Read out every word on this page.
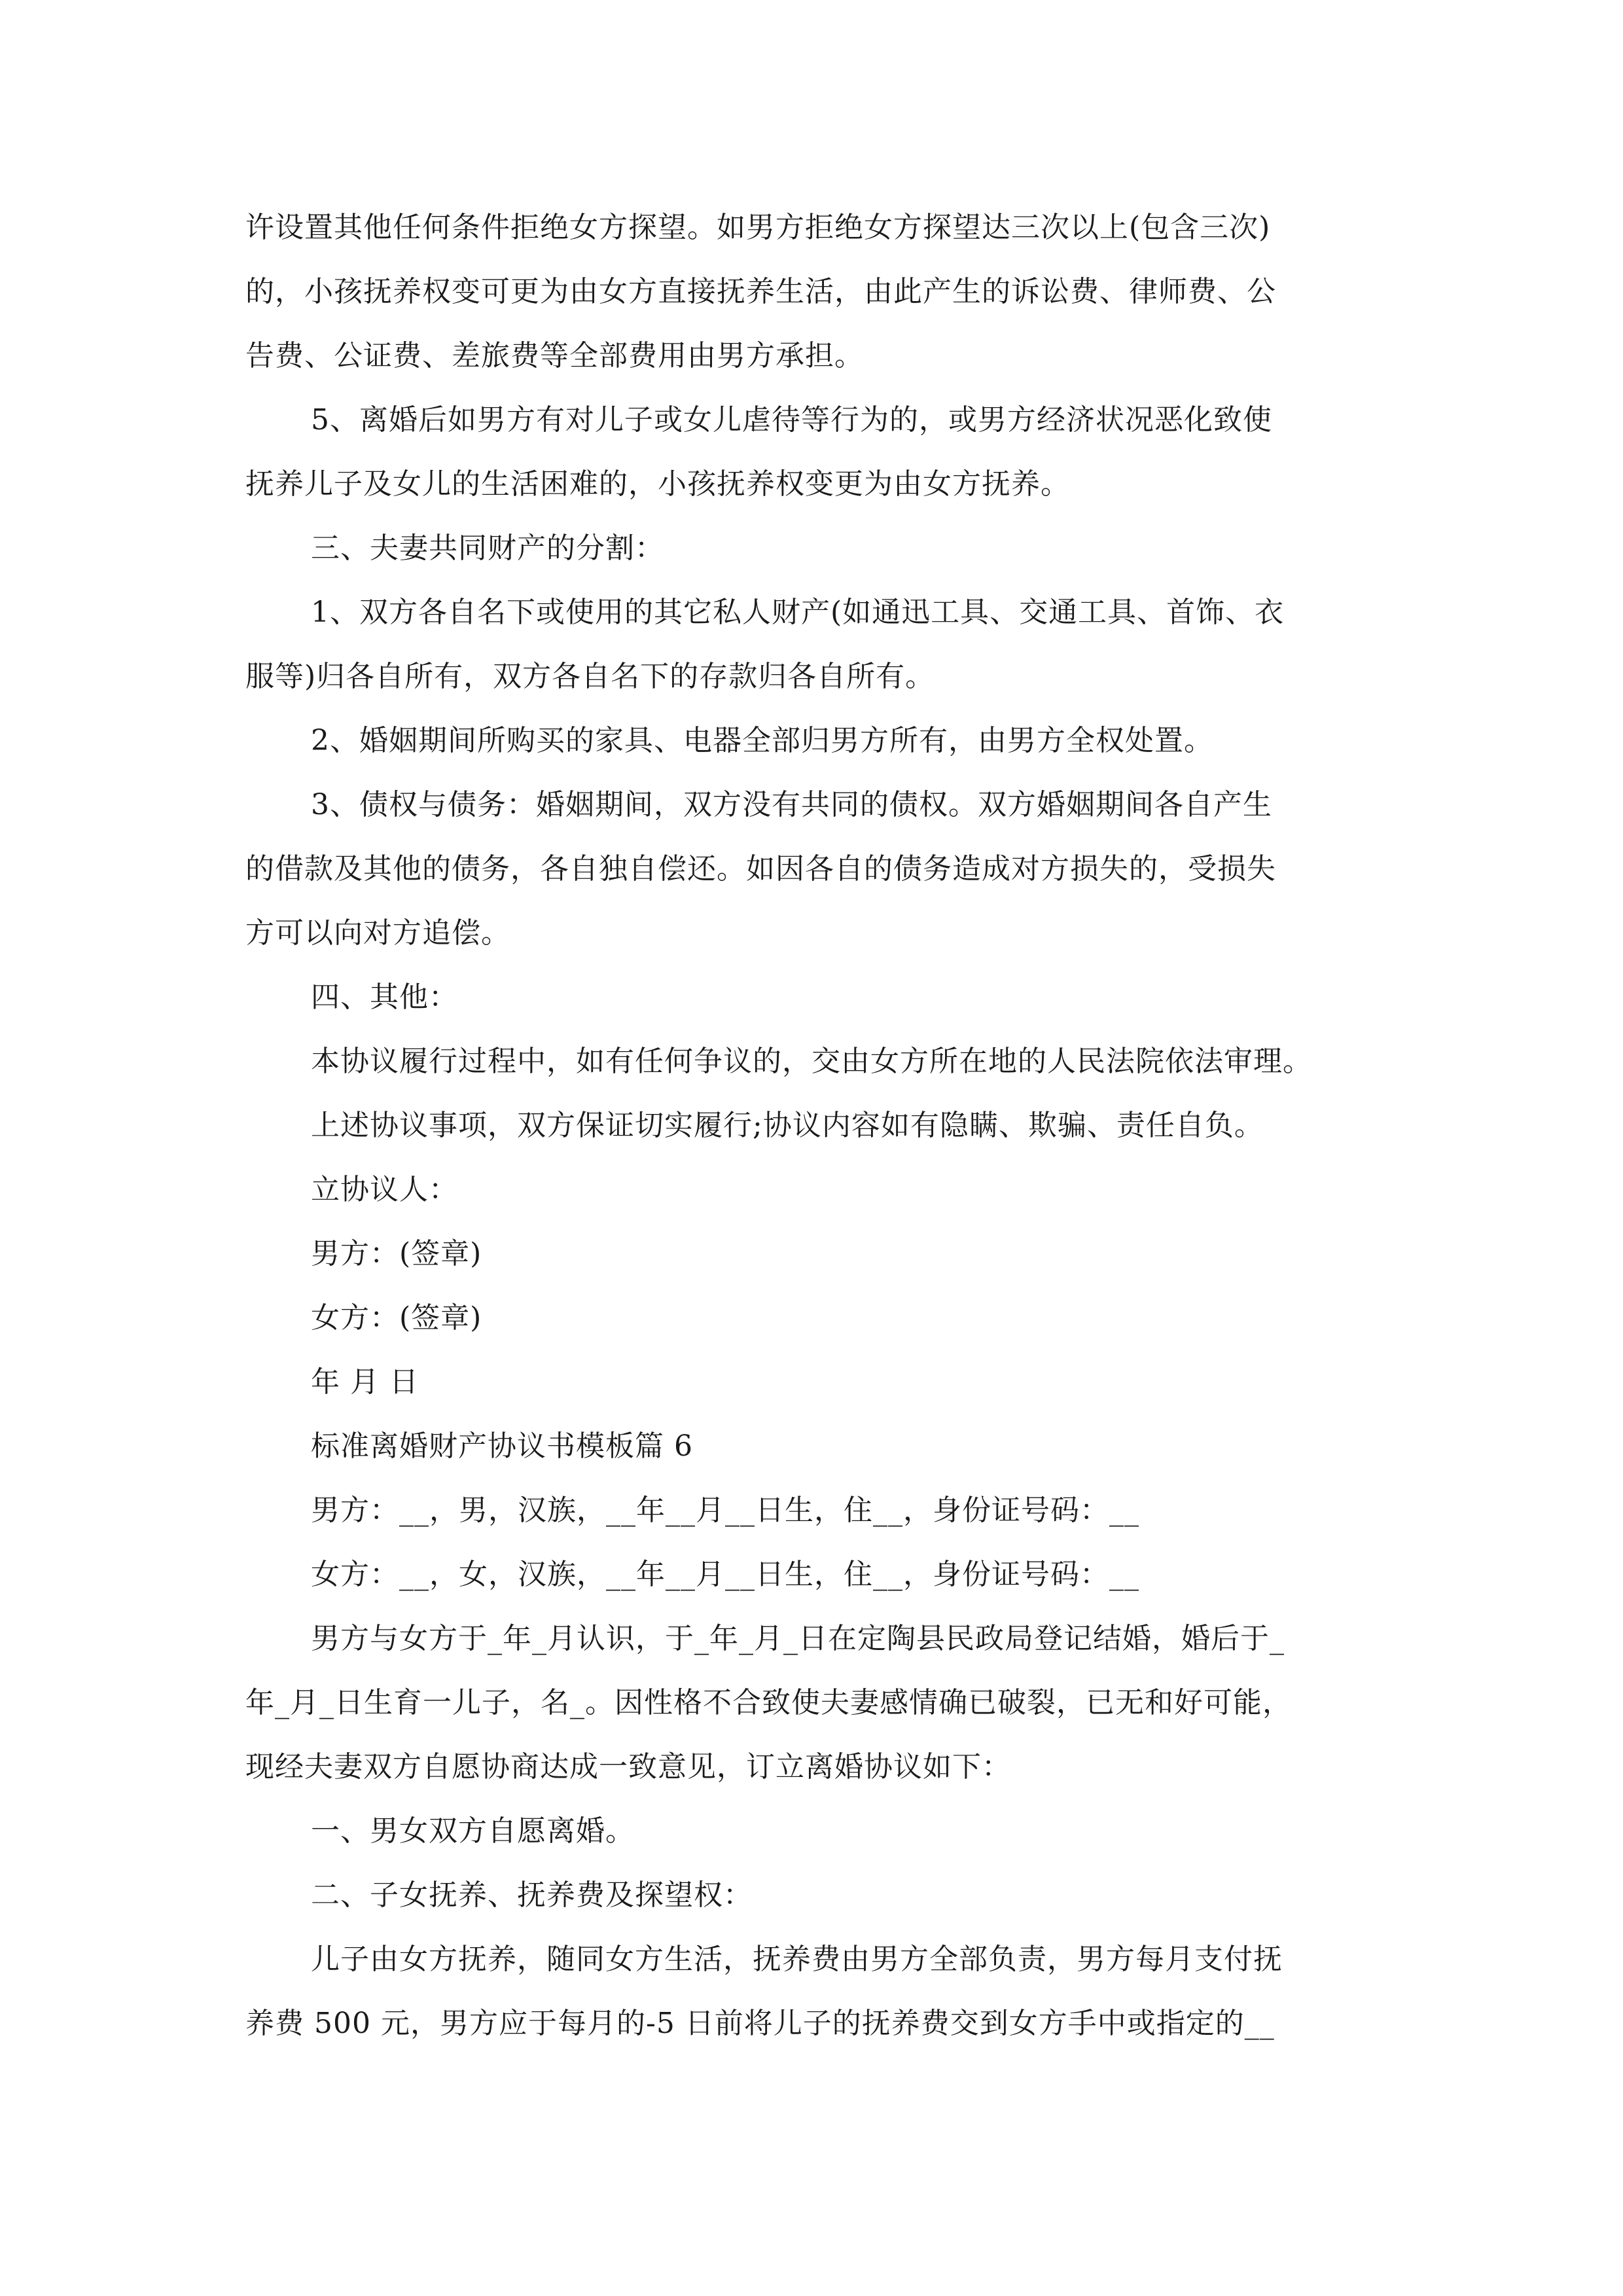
许设置其他任何条件拒绝女方探望。如男方拒绝女方探望达三次以上(包含三次)
的，小孩抚养权变可更为由女方直接抚养生活，由此产生的诉讼费、律师费、公
告费、公证费、差旅费等全部费用由男方承担。
5、离婚后如男方有对儿子或女儿虐待等行为的，或男方经济状况恶化致使
抚养儿子及女儿的生活困难的，小孩抚养权变更为由女方抚养。
三、夫妻共同财产的分割：
1、双方各自名下或使用的其它私人财产(如通迅工具、交通工具、首饰、衣
服等)归各自所有，双方各自名下的存款归各自所有。
2、婚姻期间所购买的家具、电器全部归男方所有，由男方全权处置。
3、债权与债务：婚姻期间，双方没有共同的债权。双方婚姻期间各自产生
的借款及其他的债务，各自独自偿还。如因各自的债务造成对方损失的，受损失
方可以向对方追偿。
四、其他：
本协议履行过程中，如有任何争议的，交由女方所在地的人民法院依法审理。
上述协议事项，双方保证切实履行;协议内容如有隐瞒、欺骗、责任自负。
立协议人：
男方：(签章)
女方：(签章)
年 月 日
标准离婚财产协议书模板篇 6
男方：__，男，汉族，__年__月__日生，住__，身份证号码：__
女方：__，女，汉族，__年__月__日生，住__，身份证号码：__
男方与女方于_年_月认识，于_年_月_日在定陶县民政局登记结婚，婚后于_
年_月_日生育一儿子，名_。因性格不合致使夫妻感情确已破裂，已无和好可能，
现经夫妻双方自愿协商达成一致意见，订立离婚协议如下：
一、男女双方自愿离婚。
二、子女抚养、抚养费及探望权：
儿子由女方抚养，随同女方生活，抚养费由男方全部负责，男方每月支付抚
养费 500 元，男方应于每月的-5 日前将儿子的抚养费交到女方手中或指定的__
